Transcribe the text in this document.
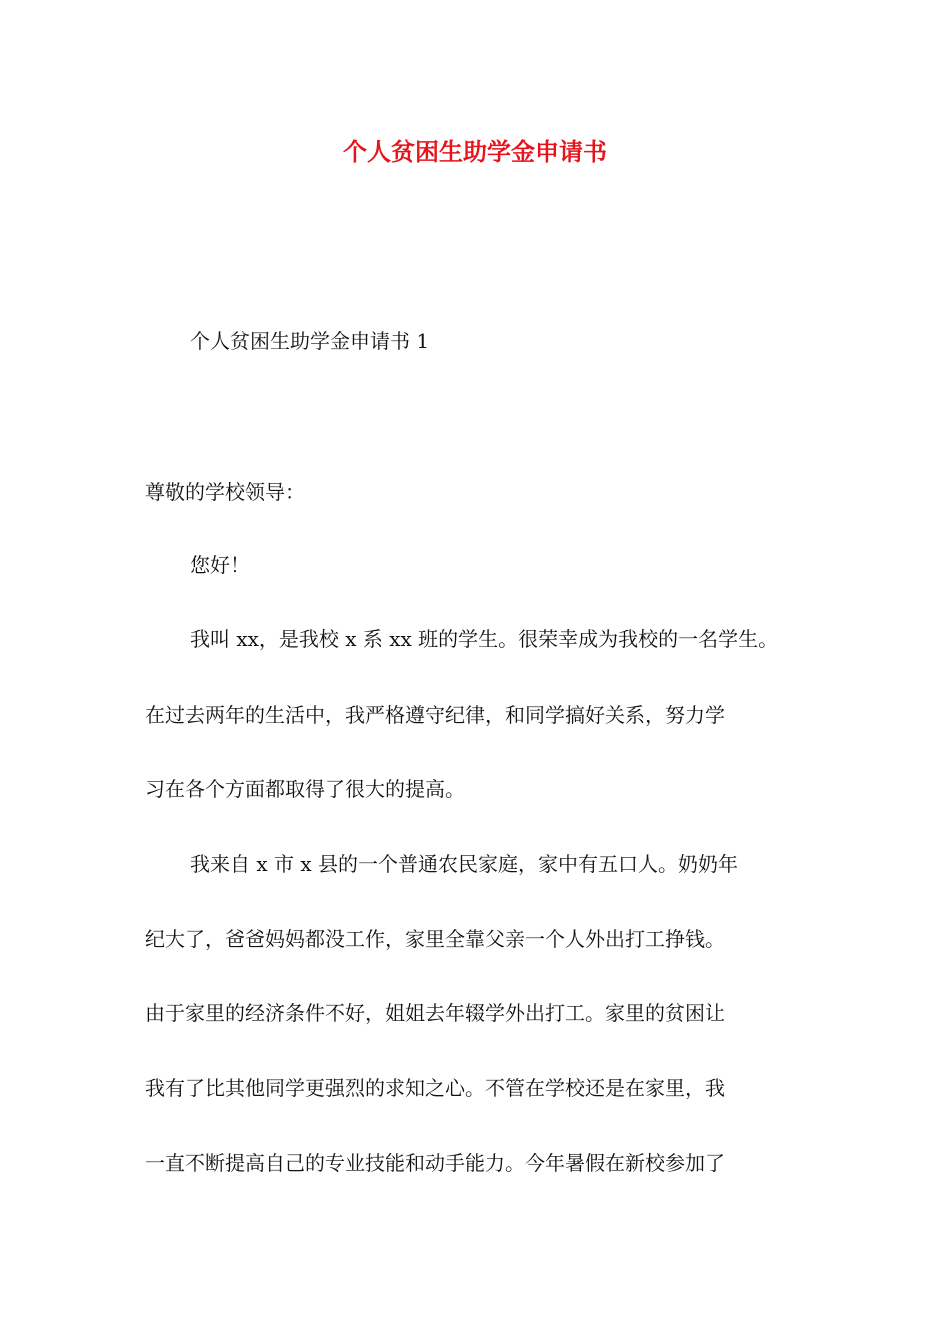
个人贫困生助学金申请书
个人贫困生助学金申请书 1
尊敬的学校领导：
您好！
我叫 xx，是我校 x 系 xx 班的学生。很荣幸成为我校的一名学生。
在过去两年的生活中，我严格遵守纪律，和同学搞好关系，努力学
习在各个方面都取得了很大的提高。
我来自 x 市 x 县的一个普通农民家庭，家中有五口人。奶奶年
纪大了，爸爸妈妈都没工作，家里全靠父亲一个人外出打工挣钱。
由于家里的经济条件不好，姐姐去年辍学外出打工。家里的贫困让
我有了比其他同学更强烈的求知之心。不管在学校还是在家里，我
一直不断提高自己的专业技能和动手能力。今年暑假在新校参加了
